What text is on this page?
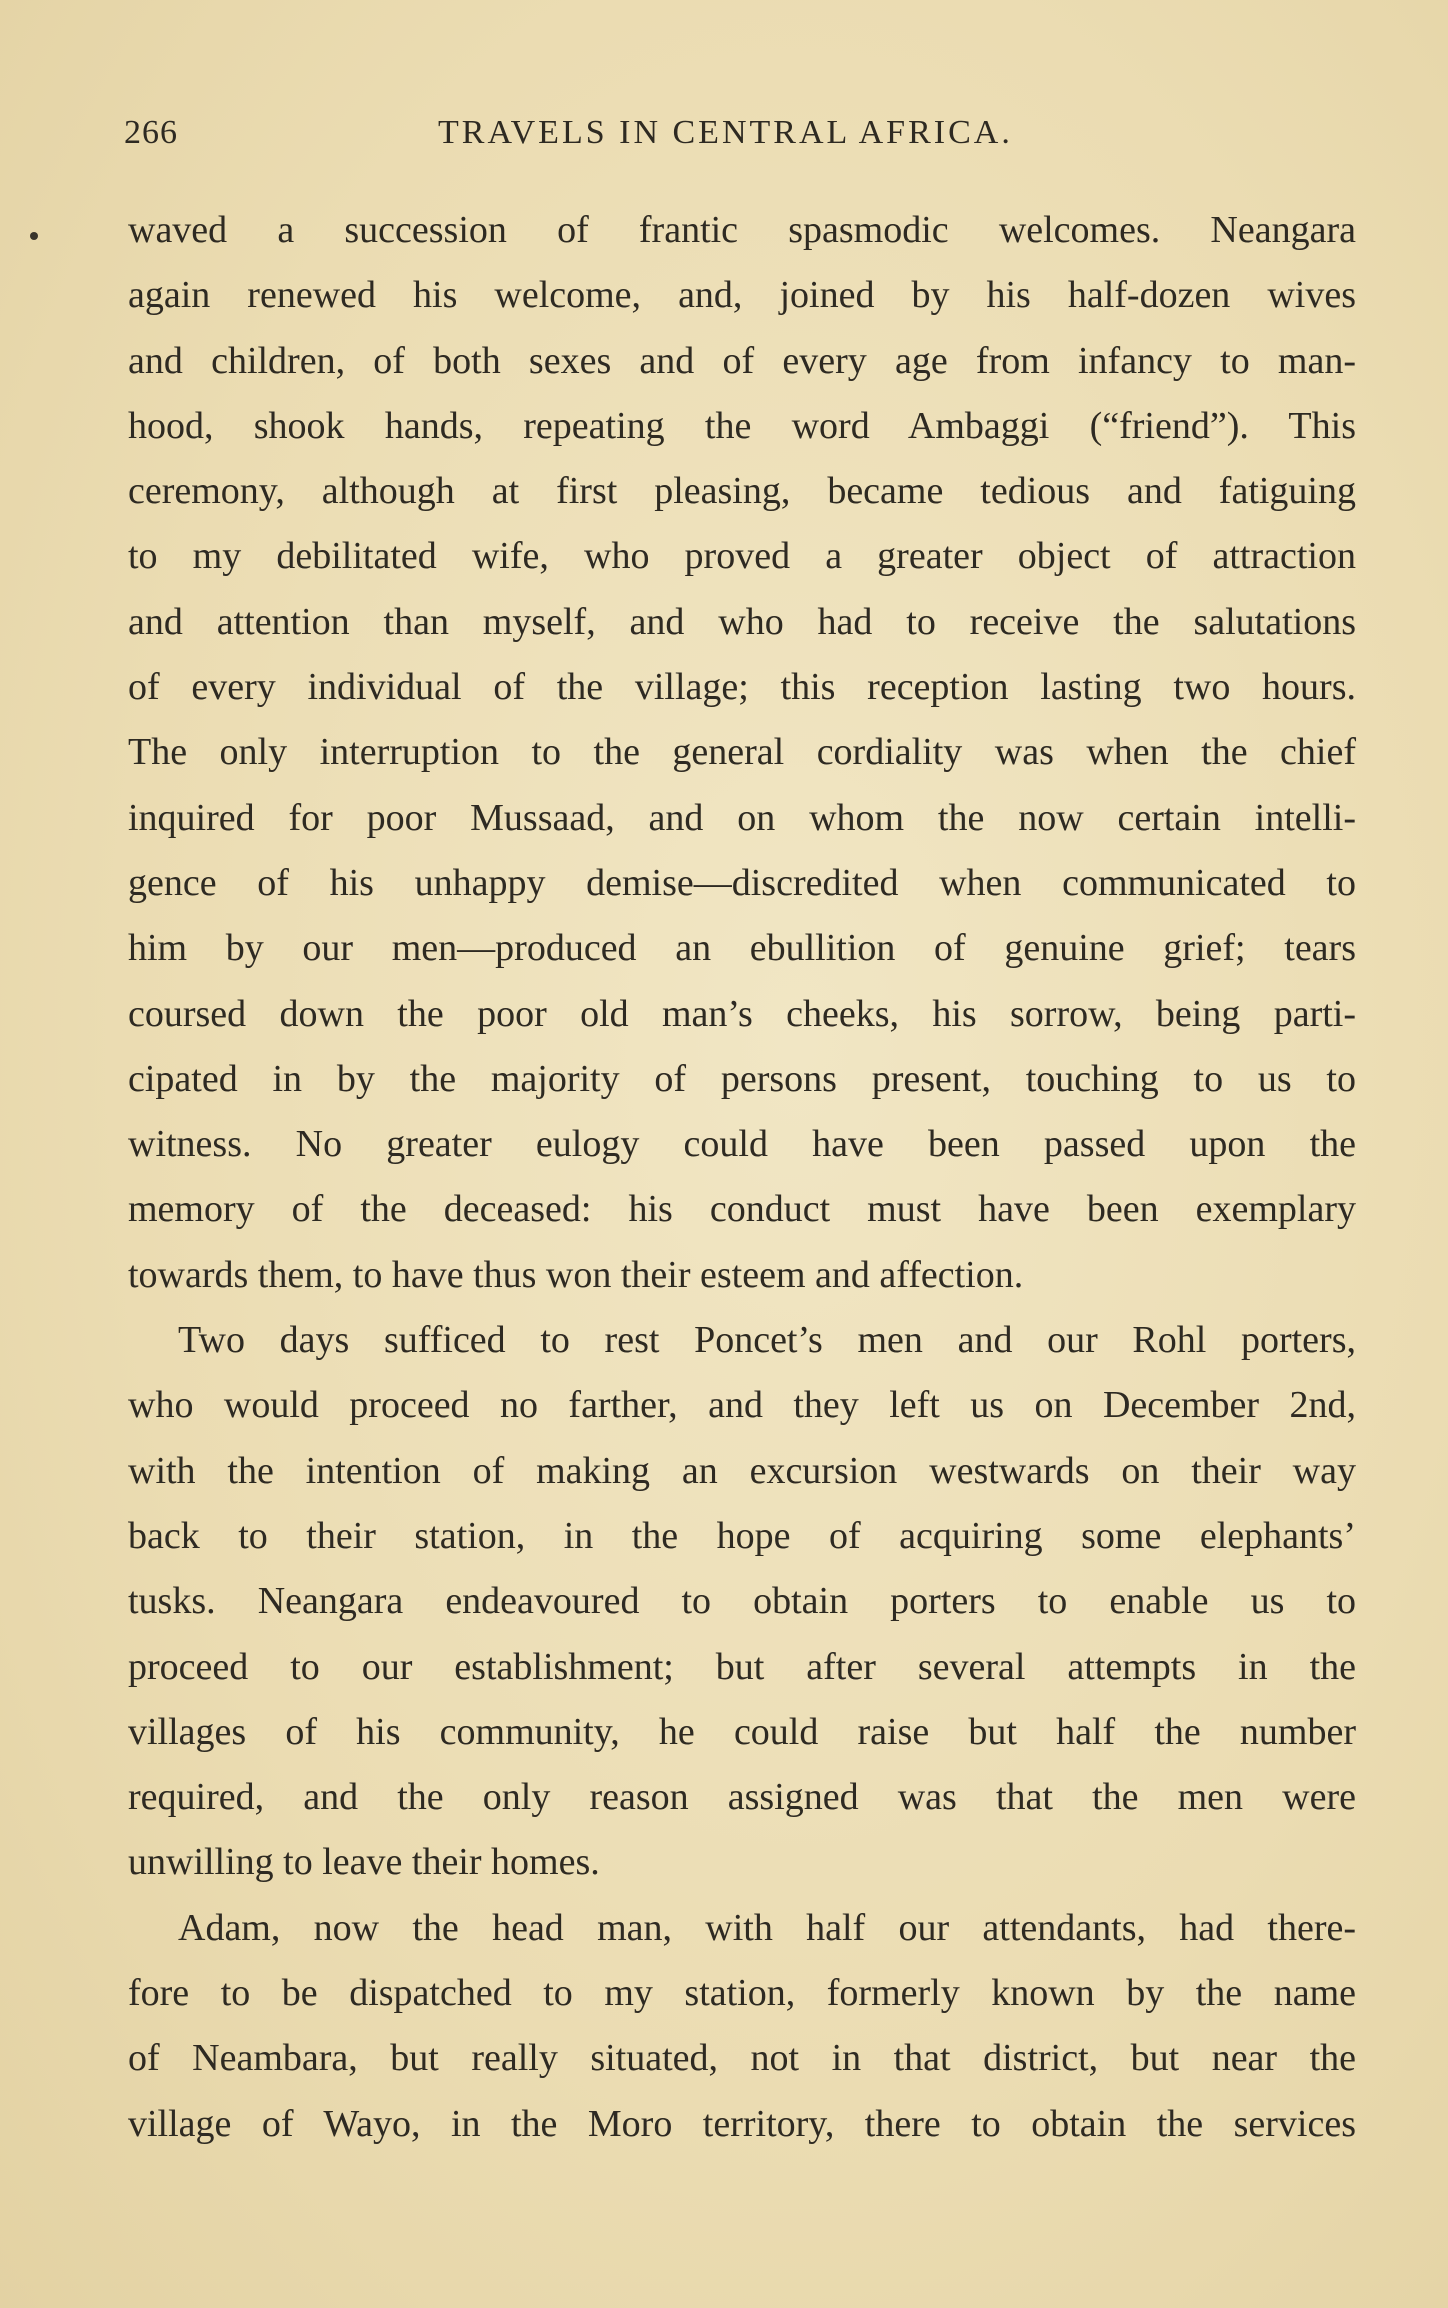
266	TRAVELS IN CENTRAL AFRICA.
waved a succession of frantic spasmodic welcomes. Neangara
again renewed his welcome, and, joined by his half-dozen wives
and children, of both sexes and of every age from infancy to man-
hood, shook hands, repeating the word Ambaggi (“friend”). This
ceremony, although at first pleasing, became tedious and fatiguing
to my debilitated wife, who proved a greater object of attraction
and attention than myself, and who had to receive the salutations
of every individual of the village; this reception lasting two hours.
The only interruption to the general cordiality was when the chief
inquired for poor Mussaad, and on whom the now certain intelli-
gence of his unhappy demise—discredited when communicated to
him by our men—produced an ebullition of genuine grief; tears
coursed down the poor old man’s cheeks, his sorrow, being parti-
cipated in by the majority of persons present, touching to us to
witness. No greater eulogy could have been passed upon the
memory of the deceased: his conduct must have been exemplary
towards them, to have thus won their esteem and affection.
Two days sufficed to rest Poncet’s men and our Rohl porters,
who would proceed no farther, and they left us on December 2nd,
with the intention of making an excursion westwards on their way
back to their station, in the hope of acquiring some elephants’
tusks. Neangara endeavoured to obtain porters to enable us to
proceed to our establishment; but after several attempts in the
villages of his community, he could raise but half the number
required, and the only reason assigned was that the men were
unwilling to leave their homes.
Adam, now the head man, with half our attendants, had there-
fore to be dispatched to my station, formerly known by the name
of Neambara, but really situated, not in that district, but near the
village of Wayo, in the Moro territory, there to obtain the services
